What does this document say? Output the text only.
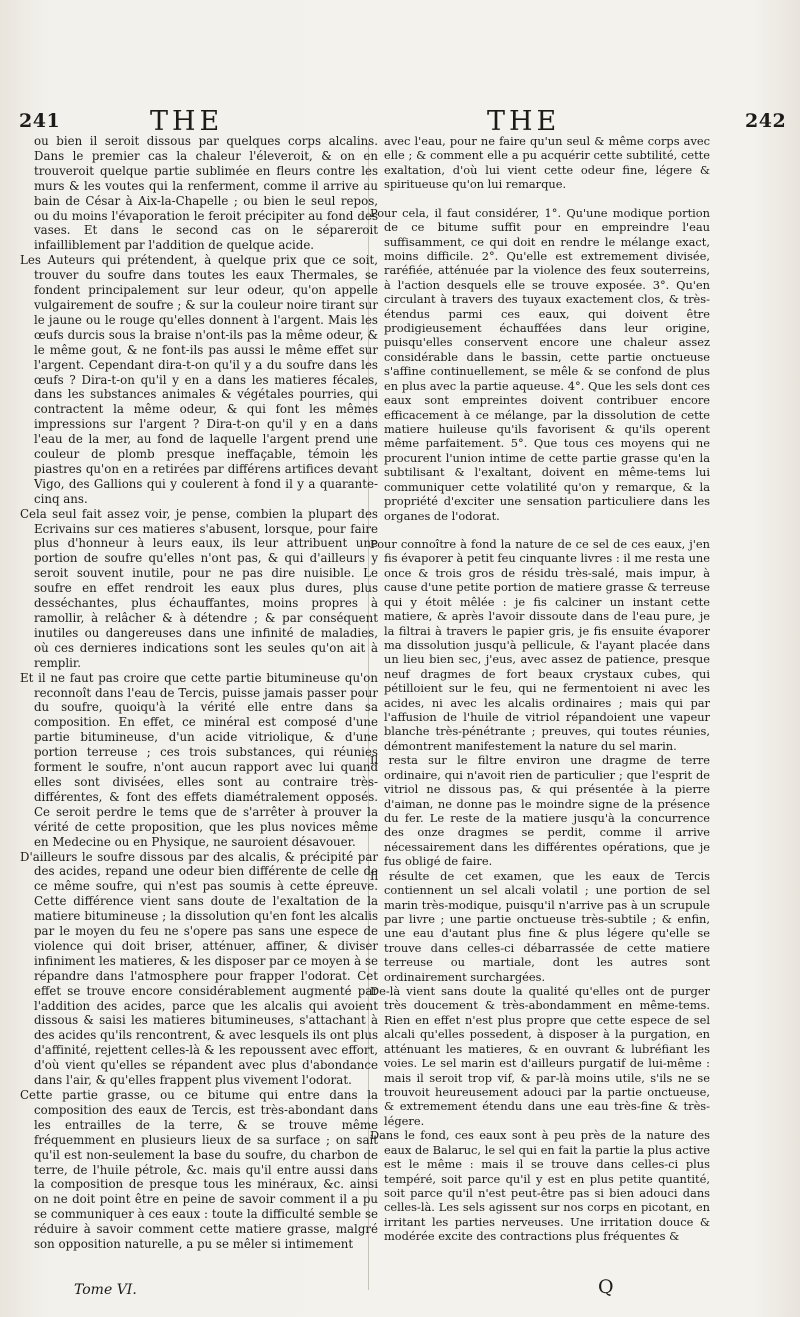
241	THE	THE	242

ou bien il seroit dissous par quelques corps alcalins. Dans le premier cas la chaleur l'éleveroit, & on en trouveroit quelque partie sublimée en fleurs contre les murs & les voutes qui la renferment, comme il arrive au bain de César à Aix-la-Chapelle ; ou bien le seul repos, ou du moins l'évaporation le feroit précipiter au fond des vases. Et dans le second cas on le sépareroit infailliblement par l'addition de quelque acide.

Les Auteurs qui prétendent, à quelque prix que ce soit, trouver du soufre dans toutes les eaux Thermales, se fondent principalement sur leur odeur, qu'on appelle vulgairement de soufre ; & sur la couleur noire tirant sur le jaune ou le rouge qu'elles donnent à l'argent. Mais les œufs durcis sous la braise n'ont-ils pas la même odeur, & le même gout, & ne font-ils pas aussi le même effet sur l'argent. Cependant dira-t-on qu'il y a du soufre dans les œufs ? Dira-t-on qu'il y en a dans les matieres fécales, dans les substances animales & végétales pourries, qui contractent la même odeur, & qui font les mêmes impressions sur l'argent ? Dira-t-on qu'il y en a dans l'eau de la mer, au fond de laquelle l'argent prend une couleur de plomb presque ineffaçable, témoin les piastres qu'on en a retirées par différens artifices devant Vigo, des Gallions qui y coulerent à fond il y a quarante-cinq ans.

Cela seul fait assez voir, je pense, combien la plupart des Ecrivains sur ces matieres s'abusent, lorsque, pour faire plus d'honneur à leurs eaux, ils leur attribuent une portion de soufre qu'elles n'ont pas, & qui d'ailleurs y seroit souvent inutile, pour ne pas dire nuisible. Le soufre en effet rendroit les eaux plus dures, plus desséchantes, plus échauffantes, moins propres à ramollir, à relâcher & à détendre ; & par conséquent inutiles ou dangereuses dans une infinité de maladies, où ces dernieres indications sont les seules qu'on ait à remplir.

Et il ne faut pas croire que cette partie bitumineuse qu'on reconnoît dans l'eau de Tercis, puisse jamais passer pour du soufre, quoiqu'à la vérité elle entre dans sa composition. En effet, ce minéral est composé d'une partie bitumineuse, d'un acide vitriolique, & d'une portion terreuse ; ces trois substances, qui réunies forment le soufre, n'ont aucun rapport avec lui quand elles sont divisées, elles sont au contraire très-différentes, & font des effets diamétralement opposés. Ce seroit perdre le tems que de s'arrêter à prouver la vérité de cette proposition, que les plus novices même en Medecine ou en Physique, ne sauroient désavouer.

D'ailleurs le soufre dissous par des alcalis, & précipité par des acides, repand une odeur bien différente de celle de ce même soufre, qui n'est pas soumis à cette épreuve. Cette différence vient sans doute de l'exaltation de la matiere bitumineuse ; la dissolution qu'en font les alcalis par le moyen du feu ne s'opere pas sans une espece de violence qui doit briser, atténuer, affiner, & diviser infiniment les matieres, & les disposer par ce moyen à se répandre dans l'atmosphere pour frapper l'odorat. Cet effet se trouve encore considérablement augmenté par l'addition des acides, parce que les alcalis qui avoient dissous & saisi les matieres bitumineuses, s'attachant à des acides qu'ils rencontrent, & avec lesquels ils ont plus d'affinité, rejettent celles-là & les repoussent avec effort, d'où vient qu'elles se répandent avec plus d'abondance dans l'air, & qu'elles frappent plus vivement l'odorat.

Cette partie grasse, ou ce bitume qui entre dans la composition des eaux de Tercis, est très-abondant dans les entrailles de la terre, & se trouve même fréquemment en plusieurs lieux de sa surface ; on sait qu'il est non-seulement la base du soufre, du charbon de terre, de l'huile pétrole, &c. mais qu'il entre aussi dans la composition de presque tous les minéraux, &c. ainsi on ne doit point être en peine de savoir comment il a pu se communiquer à ces eaux : toute la difficulté semble se réduire à savoir comment cette matiere grasse, malgré son opposition naturelle, a pu se mêler si intimement

avec l'eau, pour ne faire qu'un seul & même corps avec elle ; & comment elle a pu acquérir cette subtilité, cette exaltation, d'où lui vient cette odeur fine, légere & spiritueuse qu'on lui remarque.

Pour cela, il faut considérer, 1°. Qu'une modique portion de ce bitume suffit pour en empreindre l'eau suffisamment, ce qui doit en rendre le mélange exact, moins difficile. 2°. Qu'elle est extremement divisée, raréfiée, atténuée par la violence des feux souterreins, à l'action desquels elle se trouve exposée. 3°. Qu'en circulant à travers des tuyaux exactement clos, & très-étendus parmi ces eaux, qui doivent être prodigieusement échauffées dans leur origine, puisqu'elles conservent encore une chaleur assez considérable dans le bassin, cette partie onctueuse s'affine continuellement, se mêle & se confond de plus en plus avec la partie aqueuse. 4°. Que les sels dont ces eaux sont empreintes doivent contribuer encore efficacement à ce mélange, par la dissolution de cette matiere huileuse qu'ils favorisent & qu'ils operent même parfaitement. 5°. Que tous ces moyens qui ne procurent l'union intime de cette partie grasse qu'en la subtilisant & l'exaltant, doivent en même-tems lui communiquer cette volatilité qu'on y remarque, & la propriété d'exciter une sensation particuliere dans les organes de l'odorat.

Pour connoître à fond la nature de ce sel de ces eaux, j'en fis évaporer à petit feu cinquante livres : il me resta une once & trois gros de résidu très-salé, mais impur, à cause d'une petite portion de matiere grasse & terreuse qui y étoit mêlée : je fis calciner un instant cette matiere, & après l'avoir dissoute dans de l'eau pure, je la filtrai à travers le papier gris, je fis ensuite évaporer ma dissolution jusqu'à pellicule, & l'ayant placée dans un lieu bien sec, j'eus, avec assez de patience, presque neuf dragmes de fort beaux crystaux cubes, qui pétilloient sur le feu, qui ne fermentoient ni avec les acides, ni avec les alcalis ordinaires ; mais qui par l'affusion de l'huile de vitriol répandoient une vapeur blanche très-pénétrante ; preuves, qui toutes réunies, démontrent manifestement la nature du sel marin.

Il resta sur le filtre environ une dragme de terre ordinaire, qui n'avoit rien de particulier ; que l'esprit de vitriol ne dissous pas, & qui présentée à la pierre d'aiman, ne donne pas le moindre signe de la présence du fer. Le reste de la matiere jusqu'à la concurrence des onze dragmes se perdit, comme il arrive nécessairement dans les différentes opérations, que je fus obligé de faire.

Il résulte de cet examen, que les eaux de Tercis contiennent un sel alcali volatil ; une portion de sel marin très-modique, puisqu'il n'arrive pas à un scrupule par livre ; une partie onctueuse très-subtile ; & enfin, une eau d'autant plus fine & plus légere qu'elle se trouve dans celles-ci débarrassée de cette matiere terreuse ou martiale, dont les autres sont ordinairement surchargées.

De-là vient sans doute la qualité qu'elles ont de purger très doucement & très-abondamment en même-tems. Rien en effet n'est plus propre que cette espece de sel alcali qu'elles possedent, à disposer à la purgation, en atténuant les matieres, & en ouvrant & lubréfiant les voies. Le sel marin est d'ailleurs purgatif de lui-même : mais il seroit trop vif, & par-là moins utile, s'ils ne se trouvoit heureusement adouci par la partie onctueuse, & extremement étendu dans une eau très-fine & très-légere.

Dans le fond, ces eaux sont à peu près de la nature des eaux de Balaruc, le sel qui en fait la partie la plus active est le même : mais il se trouve dans celles-ci plus tempéré, soit parce qu'il y est en plus petite quantité, soit parce qu'il n'est peut-être pas si bien adouci dans celles-là. Les sels agissent sur nos corps en picotant, en irritant les parties nerveuses. Une irritation douce & modérée excite des contractions plus fréquentes &

Tome VI.	Q
